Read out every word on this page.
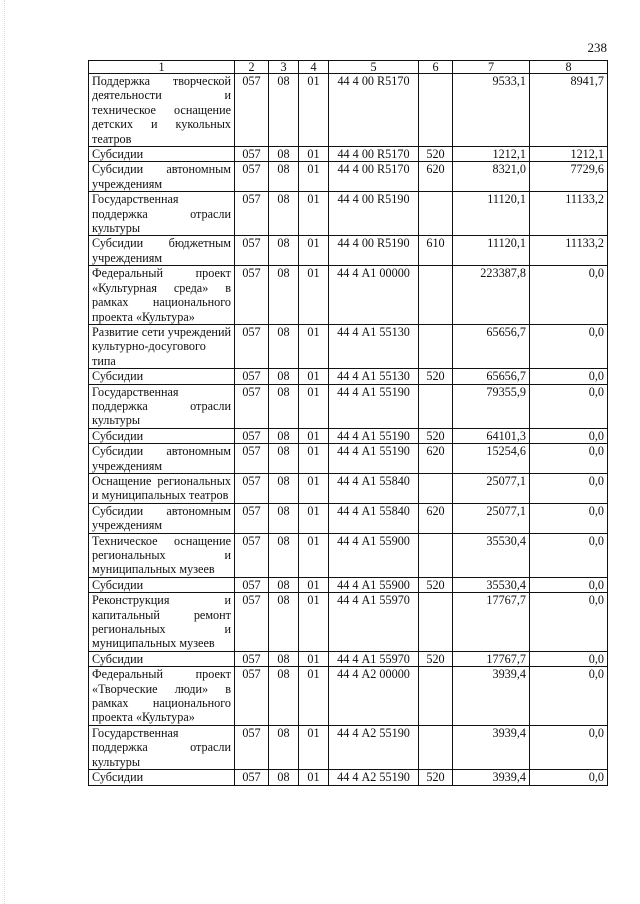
238
1	2	3	4	5	6	7	8
Поддержка творческой деятельности и техническое оснащение детских и кукольных театров	057	08	01	44 4 00 R5170		9533,1	8941,7
Субсидии	057	08	01	44 4 00 R5170	520	1212,1	1212,1
Субсидии автономным учреждениям	057	08	01	44 4 00 R5170	620	8321,0	7729,6
Государственная поддержка отрасли культуры	057	08	01	44 4 00 R5190		11120,1	11133,2
Субсидии бюджетным учреждениям	057	08	01	44 4 00 R5190	610	11120,1	11133,2
Федеральный проект «Культурная среда» в рамках национального проекта «Культура»	057	08	01	44 4 А1 00000		223387,8	0,0
Развитие сети учреждений культурно-досугового типа	057	08	01	44 4 А1 55130		65656,7	0,0
Субсидии	057	08	01	44 4 А1 55130	520	65656,7	0,0
Государственная поддержка отрасли культуры	057	08	01	44 4 А1 55190		79355,9	0,0
Субсидии	057	08	01	44 4 А1 55190	520	64101,3	0,0
Субсидии автономным учреждениям	057	08	01	44 4 А1 55190	620	15254,6	0,0
Оснащение региональных и муниципальных театров	057	08	01	44 4 А1 55840		25077,1	0,0
Субсидии автономным учреждениям	057	08	01	44 4 А1 55840	620	25077,1	0,0
Техническое оснащение региональных и муниципальных музеев	057	08	01	44 4 А1 55900		35530,4	0,0
Субсидии	057	08	01	44 4 А1 55900	520	35530,4	0,0
Реконструкция и капитальный ремонт региональных и муниципальных музеев	057	08	01	44 4 А1 55970		17767,7	0,0
Субсидии	057	08	01	44 4 А1 55970	520	17767,7	0,0
Федеральный проект «Творческие люди» в рамках национального проекта «Культура»	057	08	01	44 4 А2 00000		3939,4	0,0
Государственная поддержка отрасли культуры	057	08	01	44 4 А2 55190		3939,4	0,0
Субсидии	057	08	01	44 4 А2 55190	520	3939,4	0,0
